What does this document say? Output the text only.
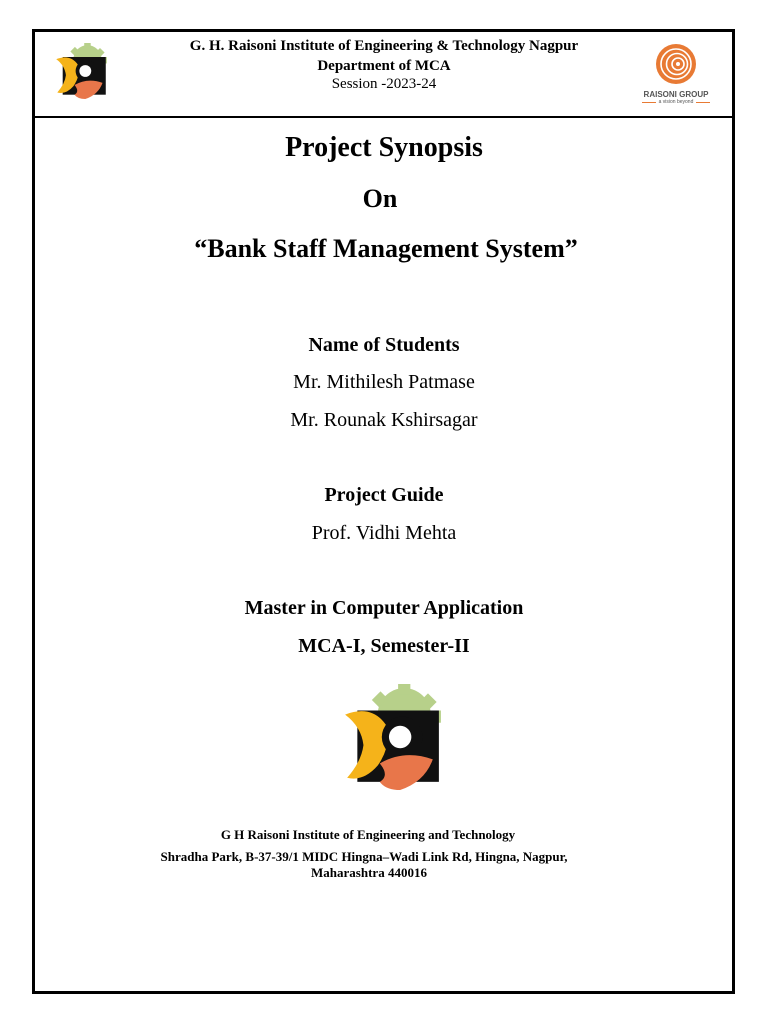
G. H. Raisoni Institute of Engineering & Technology Nagpur
Department of MCA
Session -2023-24
RAISONI GROUP
a vision beyond
Project Synopsis
On
“Bank Staff Management System”
Name of Students
Mr. Mithilesh Patmase
Mr. Rounak Kshirsagar
Project Guide
Prof. Vidhi Mehta
Master in Computer Application
MCA-I, Semester-II
G H Raisoni Institute of Engineering and Technology
Shradha Park, B-37-39/1 MIDC Hingna–Wadi Link Rd, Hingna, Nagpur,
Maharashtra 440016
